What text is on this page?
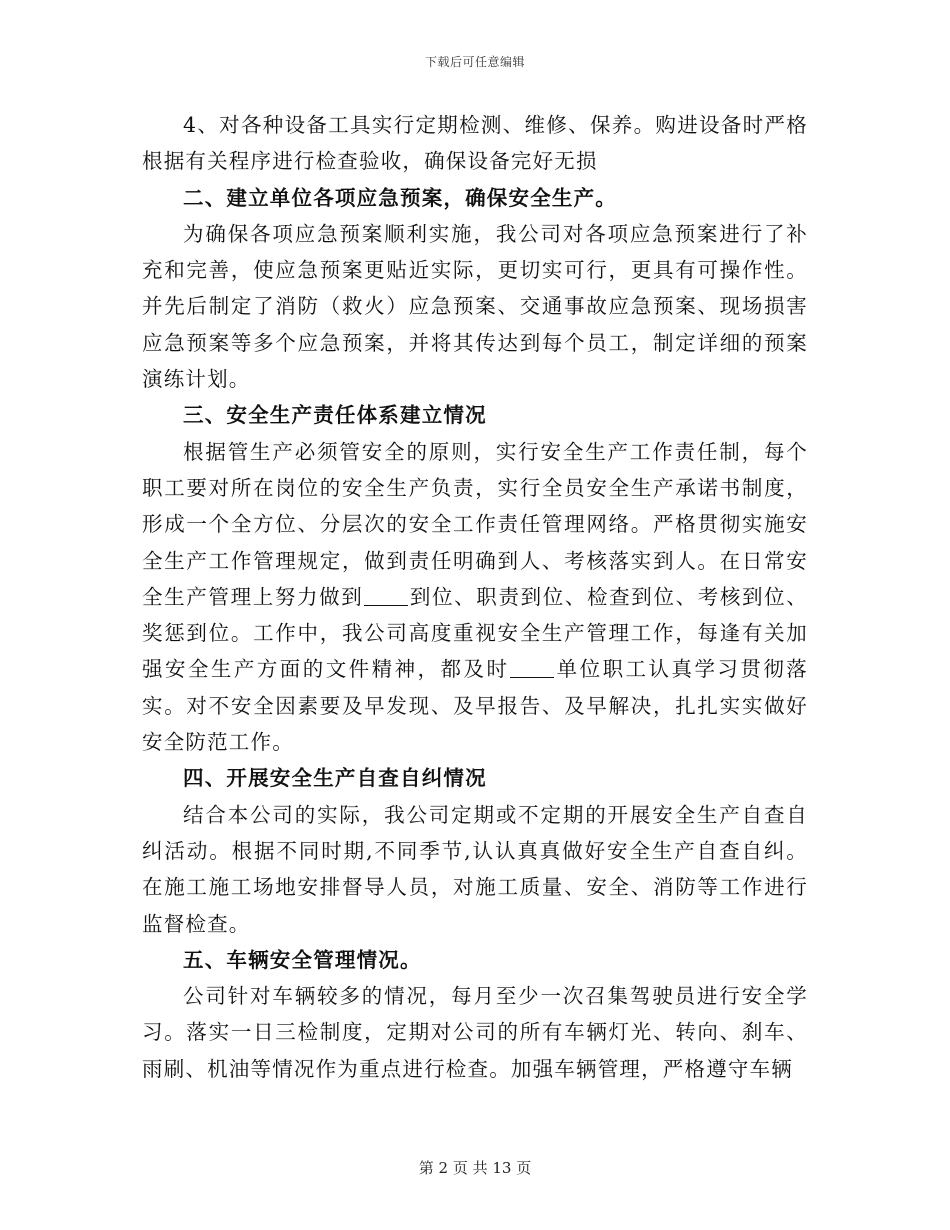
下载后可任意编辑

4、对各种设备工具实行定期检测、维修、保养。购进设备时严格根据有关程序进行检查验收，确保设备完好无损

二、建立单位各项应急预案，确保安全生产。

为确保各项应急预案顺利实施，我公司对各项应急预案进行了补充和完善，使应急预案更贴近实际，更切实可行，更具有可操作性。并先后制定了消防（救火）应急预案、交通事故应急预案、现场损害应急预案等多个应急预案，并将其传达到每个员工，制定详细的预案演练计划。

三、安全生产责任体系建立情况

根据管生产必须管安全的原则，实行安全生产工作责任制，每个职工要对所在岗位的安全生产负责，实行全员安全生产承诺书制度，形成一个全方位、分层次的安全工作责任管理网络。严格贯彻实施安全生产工作管理规定，做到责任明确到人、考核落实到人。在日常安全生产管理上努力做到 到位、职责到位、检查到位、考核到位、奖惩到位。工作中，我公司高度重视安全生产管理工作，每逢有关加强安全生产方面的文件精神，都及时 单位职工认真学习贯彻落实。对不安全因素要及早发现、及早报告、及早解决，扎扎实实做好安全防范工作。

四、开展安全生产自查自纠情况

结合本公司的实际，我公司定期或不定期的开展安全生产自查自纠活动。根据不同时期,不同季节,认认真真做好安全生产自查自纠。在施工施工场地安排督导人员，对施工质量、安全、消防等工作进行监督检查。

五、车辆安全管理情况。

公司针对车辆较多的情况，每月至少一次召集驾驶员进行安全学习。落实一日三检制度，定期对公司的所有车辆灯光、转向、刹车、雨刷、机油等情况作为重点进行检查。加强车辆管理，严格遵守车辆

第 2 页 共 13 页
